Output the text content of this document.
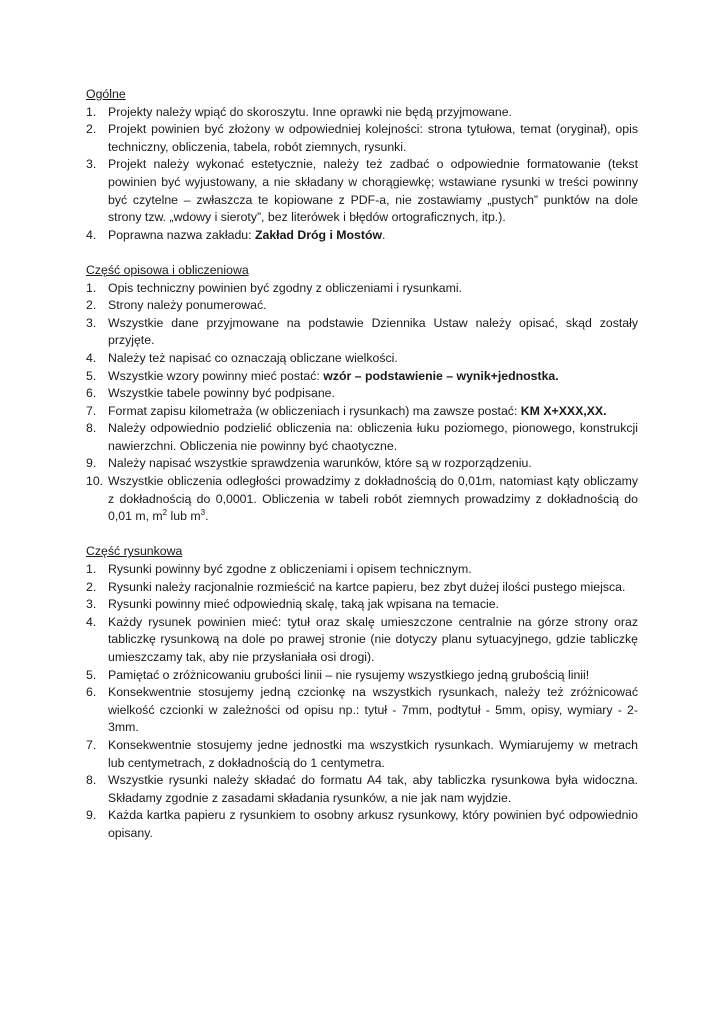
Ogólne

1. Projekty należy wpiąć do skoroszytu. Inne oprawki nie będą przyjmowane.
2. Projekt powinien być złożony w odpowiedniej kolejności: strona tytułowa, temat (oryginał), opis techniczny, obliczenia, tabela, robót ziemnych, rysunki.
3. Projekt należy wykonać estetycznie, należy też zadbać o odpowiednie formatowanie (tekst powinien być wyjustowany, a nie składany w chorągiewkę; wstawiane rysunki w treści powinny być czytelne – zwłaszcza te kopiowane z PDF-a, nie zostawiamy „pustych” punktów na dole strony tzw. „wdowy i sieroty”, bez literówek i błędów ortograficznych, itp.).
4. Poprawna nazwa zakładu: Zakład Dróg i Mostów.

Część opisowa i obliczeniowa

1. Opis techniczny powinien być zgodny z obliczeniami i rysunkami.
2. Strony należy ponumerować.
3. Wszystkie dane przyjmowane na podstawie Dziennika Ustaw należy opisać, skąd zostały przyjęte.
4. Należy też napisać co oznaczają obliczane wielkości.
5. Wszystkie wzory powinny mieć postać: wzór – podstawienie – wynik+jednostka.
6. Wszystkie tabele powinny być podpisane.
7. Format zapisu kilometraża (w obliczeniach i rysunkach) ma zawsze postać: KM X+XXX,XX.
8. Należy odpowiednio podzielić obliczenia na: obliczenia łuku poziomego, pionowego, konstrukcji nawierzchni. Obliczenia nie powinny być chaotyczne.
9. Należy napisać wszystkie sprawdzenia warunków, które są w rozporządzeniu.
10. Wszystkie obliczenia odległości prowadzimy z dokładnością do 0,01m, natomiast kąty obliczamy z dokładnością do 0,0001. Obliczenia w tabeli robót ziemnych prowadzimy z dokładnością do 0,01 m, $m^2$ lub $m^3$.

Część rysunkowa

1. Rysunki powinny być zgodne z obliczeniami i opisem technicznym.
2. Rysunki należy racjonalnie rozmieścić na kartce papieru, bez zbyt dużej ilości pustego miejsca.
3. Rysunki powinny mieć odpowiednią skalę, taką jak wpisana na temacie.
4. Każdy rysunek powinien mieć: tytuł oraz skalę umieszczone centralnie na górze strony oraz tabliczkę rysunkową na dole po prawej stronie (nie dotyczy planu sytuacyjnego, gdzie tabliczkę umieszczamy tak, aby nie przysłaniała osi drogi).
5. Pamiętać o zróżnicowaniu grubości linii – nie rysujemy wszystkiego jedną grubością linii!
6. Konsekwentnie stosujemy jedną czcionkę na wszystkich rysunkach, należy też zróżnicować wielkość czcionki w zależności od opisu np.: tytuł - 7mm, podtytuł - 5mm, opisy, wymiary - 2-3mm.
7. Konsekwentnie stosujemy jedne jednostki ma wszystkich rysunkach. Wymiarujemy w metrach lub centymetrach, z dokładnością do 1 centymetra.
8. Wszystkie rysunki należy składać do formatu A4 tak, aby tabliczka rysunkowa była widoczna. Składamy zgodnie z zasadami składania rysunków, a nie jak nam wyjdzie.
9. Każda kartka papieru z rysunkiem to osobny arkusz rysunkowy, który powinien być odpowiednio opisany.
